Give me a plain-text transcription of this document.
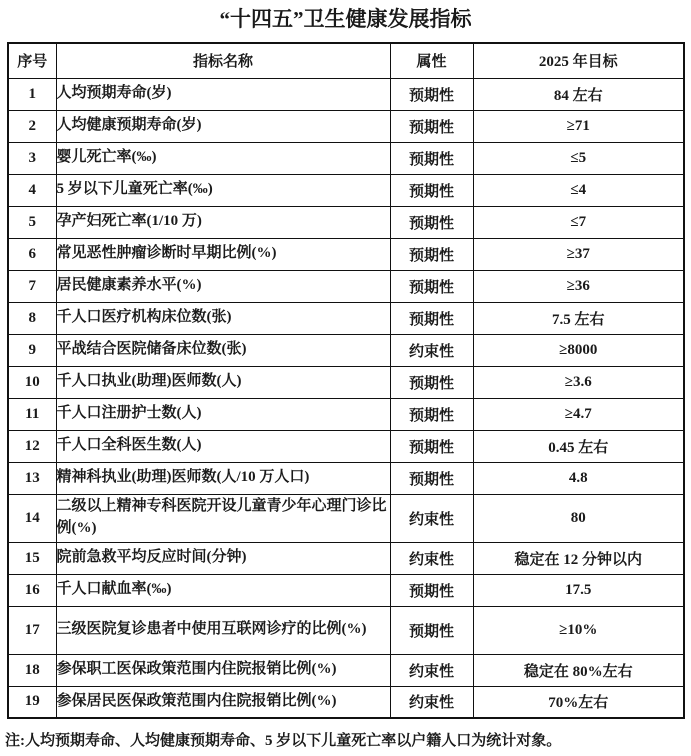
“十四五”卫生健康发展指标
序号	指标名称	属性	2025 年目标
1	人均预期寿命(岁)	预期性	84 左右
2	人均健康预期寿命(岁)	预期性	≥71
3	婴儿死亡率(‰)	预期性	≤5
4	5 岁以下儿童死亡率(‰)	预期性	≤4
5	孕产妇死亡率(1/10 万)	预期性	≤7
6	常见恶性肿瘤诊断时早期比例(%)	预期性	≥37
7	居民健康素养水平(%)	预期性	≥36
8	千人口医疗机构床位数(张)	预期性	7.5 左右
9	平战结合医院储备床位数(张)	约束性	≥8000
10	千人口执业(助理)医师数(人)	预期性	≥3.6
11	千人口注册护士数(人)	预期性	≥4.7
12	千人口全科医生数(人)	预期性	0.45 左右
13	精神科执业(助理)医师数(人/10 万人口)	预期性	4.8
14	二级以上精神专科医院开设儿童青少年心理门诊比例(%)	约束性	80
15	院前急救平均反应时间(分钟)	约束性	稳定在 12 分钟以内
16	千人口献血率(‰)	预期性	17.5
17	三级医院复诊患者中使用互联网诊疗的比例(%)	预期性	≥10%
18	参保职工医保政策范围内住院报销比例(%)	约束性	稳定在 80%左右
19	参保居民医保政策范围内住院报销比例(%)	约束性	70%左右
注:人均预期寿命、人均健康预期寿命、5 岁以下儿童死亡率以户籍人口为统计对象。
